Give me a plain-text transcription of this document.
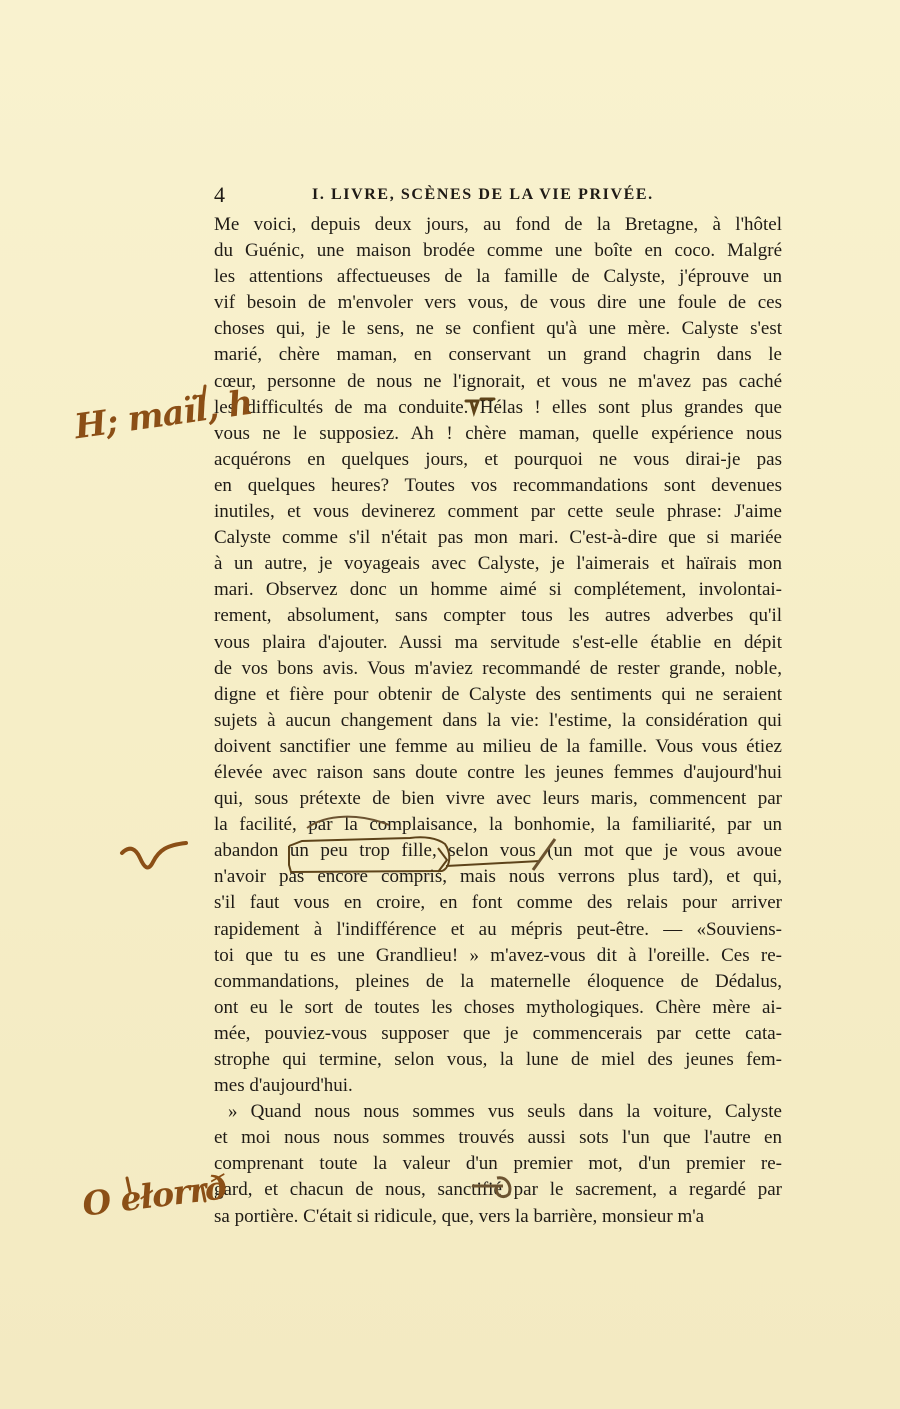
4	I. LIVRE, SCÈNES DE LA VIE PRIVÉE.
Me voici, depuis deux jours, au fond de la Bretagne, à l'hôtel
du Guénic, une maison brodée comme une boîte en coco. Malgré
les attentions affectueuses de la famille de Calyste, j'éprouve un
vif besoin de m'envoler vers vous, de vous dire une foule de ces
choses qui, je le sens, ne se confient qu'à une mère. Calyste s'est
marié, chère maman, en conservant un grand chagrin dans le
cœur, personne de nous ne l'ignorait, et vous ne m'avez pas caché
les difficultés de ma conduite. Hélas ! elles sont plus grandes que
vous ne le supposiez. Ah ! chère maman, quelle expérience nous
acquérons en quelques jours, et pourquoi ne vous dirai-je pas
en quelques heures? Toutes vos recommandations sont devenues
inutiles, et vous devinerez comment par cette seule phrase: J'aime
Calyste comme s'il n'était pas mon mari. C'est-à-dire que si mariée
à un autre, je voyageais avec Calyste, je l'aimerais et haïrais mon
mari. Observez donc un homme aimé si complétement, involontai-
rement, absolument, sans compter tous les autres adverbes qu'il
vous plaira d'ajouter. Aussi ma servitude s'est-elle établie en dépit
de vos bons avis. Vous m'aviez recommandé de rester grande, noble,
digne et fière pour obtenir de Calyste des sentiments qui ne seraient
sujets à aucun changement dans la vie: l'estime, la considération qui
doivent sanctifier une femme au milieu de la famille. Vous vous étiez
élevée avec raison sans doute contre les jeunes femmes d'aujourd'hui
qui, sous prétexte de bien vivre avec leurs maris, commencent par
la facilité, par la complaisance, la bonhomie, la familiarité, par un
abandon un peu trop fille, selon vous (un mot que je vous avoue
n'avoir pas encore compris, mais nous verrons plus tard), et qui,
s'il faut vous en croire, en font comme des relais pour arriver
rapidement à l'indifférence et au mépris peut-être. — «Souviens-
toi que tu es une Grandlieu! » m'avez-vous dit à l'oreille. Ces re-
commandations, pleines de la maternelle éloquence de Dédalus,
ont eu le sort de toutes les choses mythologiques. Chère mère ai-
mée, pouviez-vous supposer que je commencerais par cette cata-
strophe qui termine, selon vous, la lune de miel des jeunes fem-
mes d'aujourd'hui.
» Quand nous nous sommes vus seuls dans la voiture, Calyste
et moi nous nous sommes trouvés aussi sots l'un que l'autre en
comprenant toute la valeur d'un premier mot, d'un premier re-
gard, et chacun de nous, sanctifié par le sacrement, a regardé par
sa portière. C'était si ridicule, que, vers la barrière, monsieur m'a
H; maïl, h
O ełorrð
